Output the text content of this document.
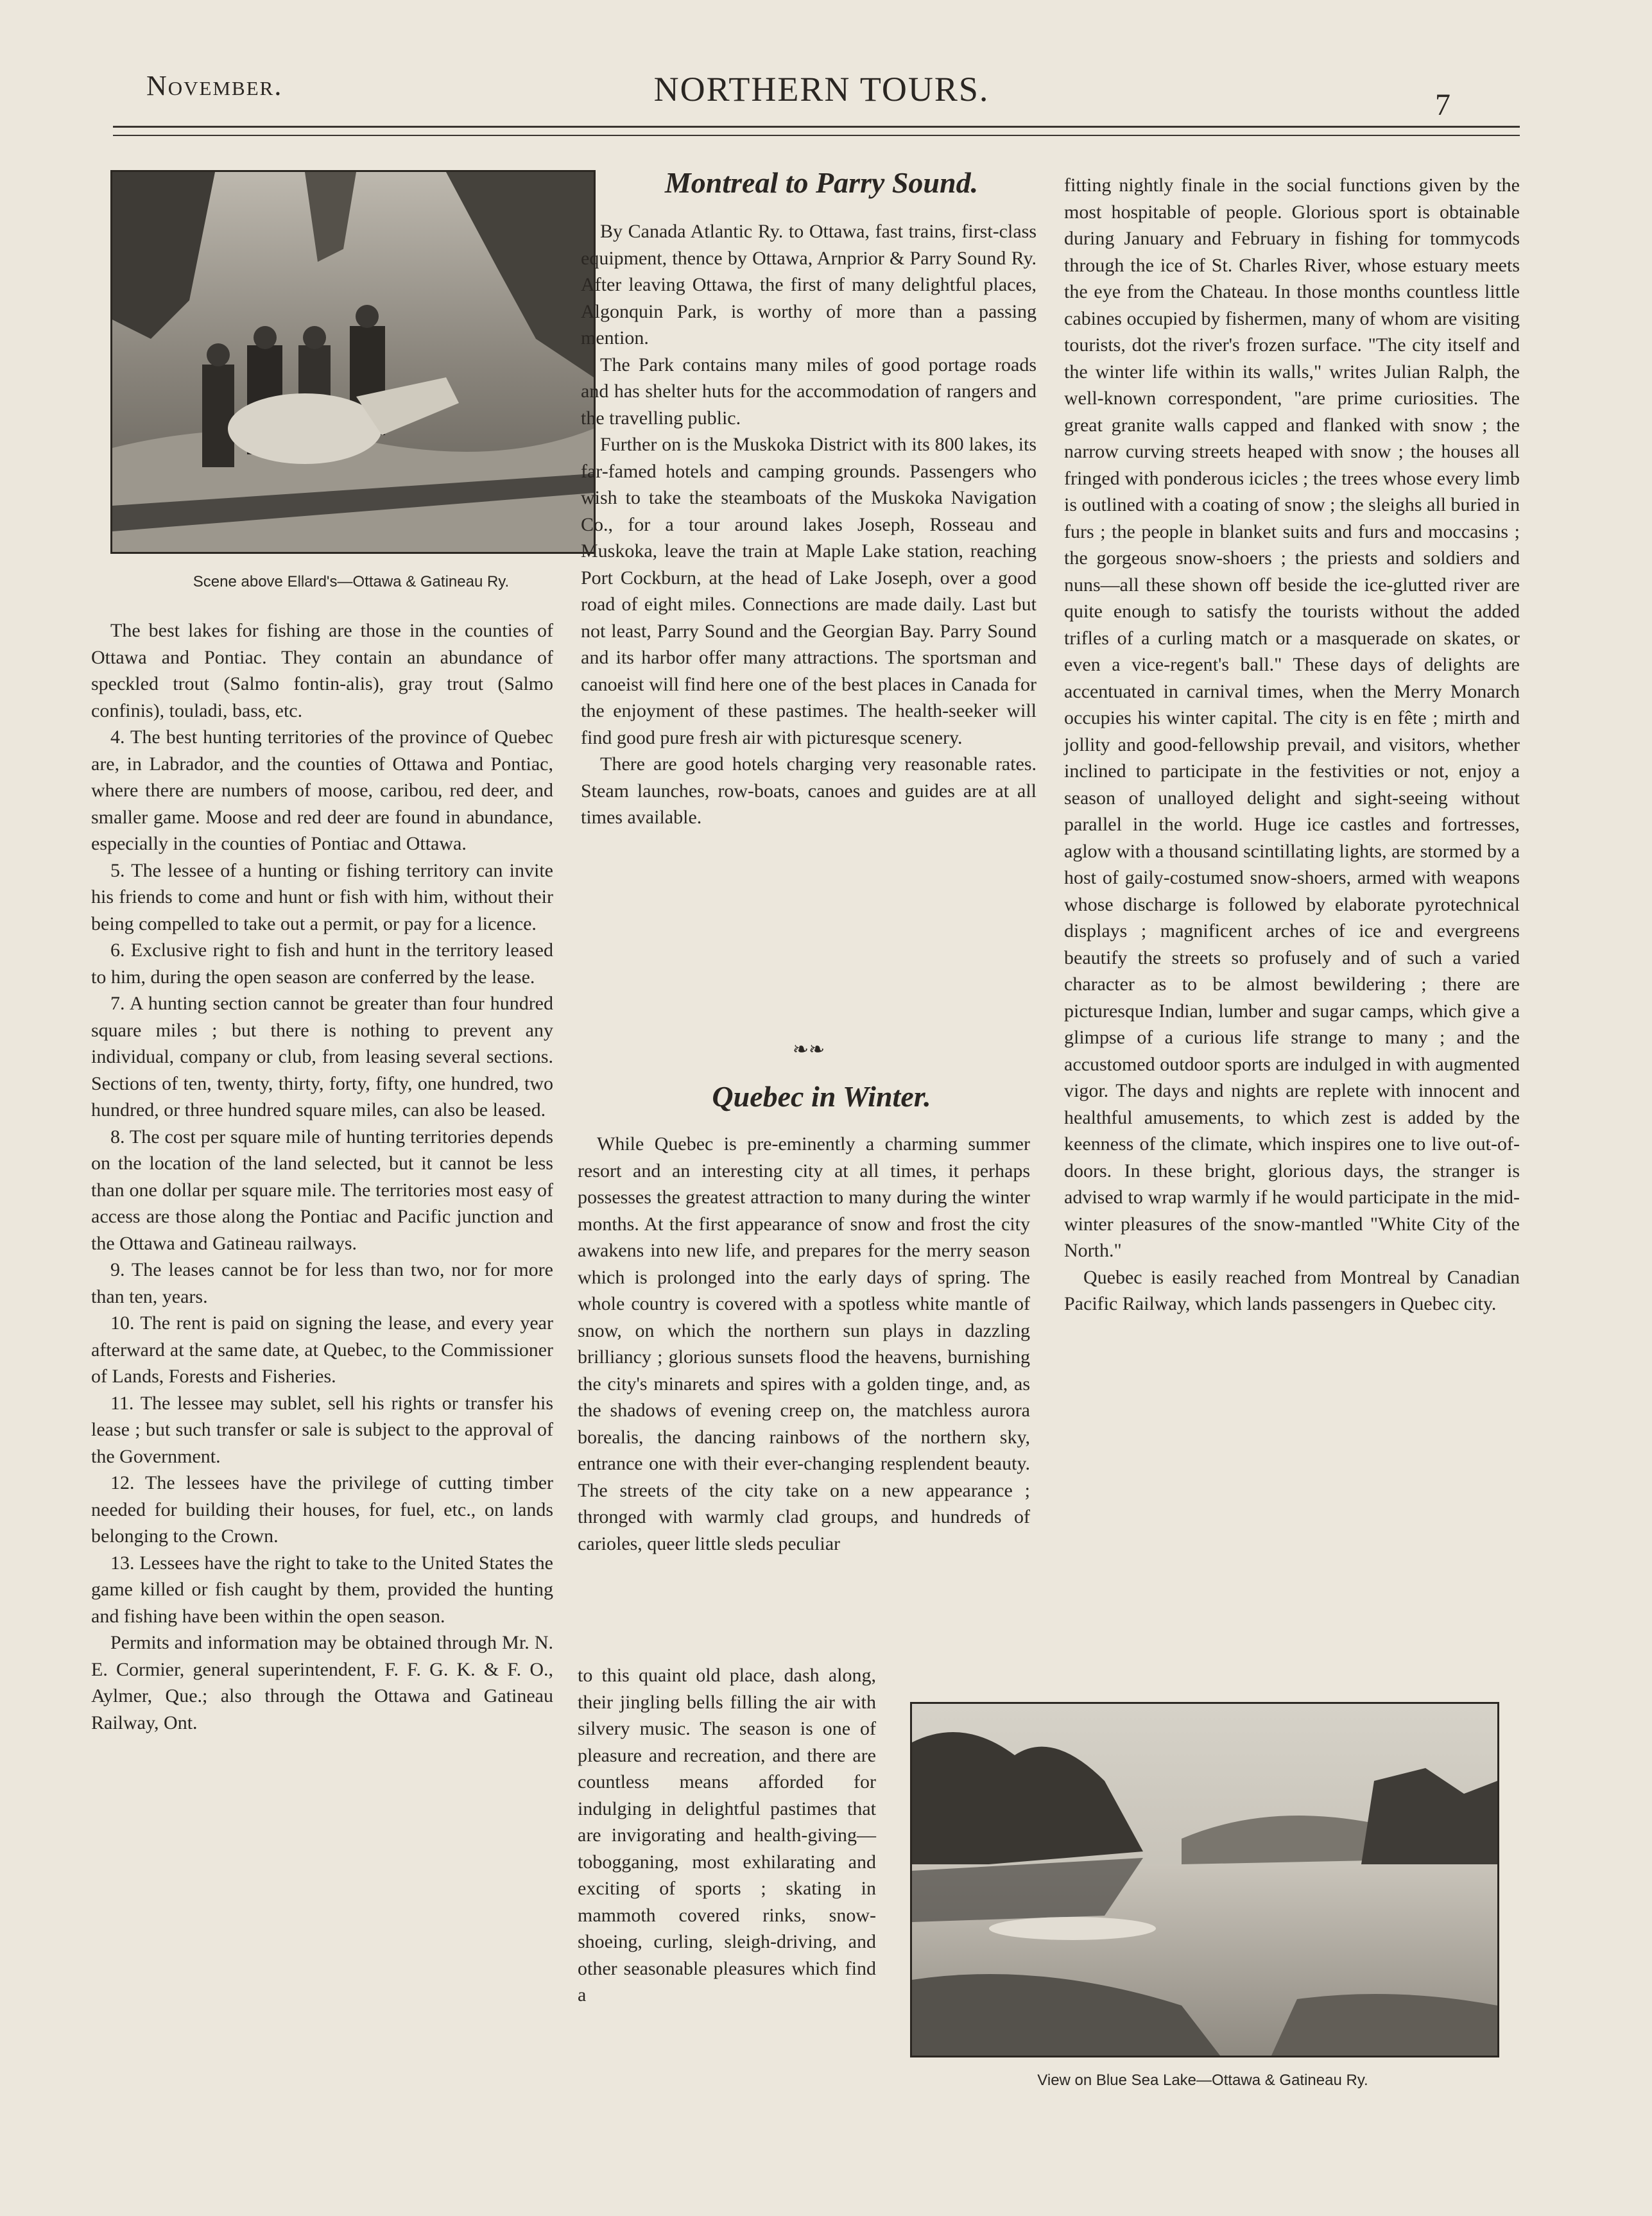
November.	NORTHERN TOURS.	7
Scene above Ellard's—Ottawa & Gatineau Ry.

The best lakes for fishing are those in the counties of Ottawa and Pontiac. They contain an abundance of speckled trout (Salmo fontin-alis), gray trout (Salmo confinis), touladi, bass, etc.

4. The best hunting territories of the province of Quebec are, in Labrador, and the counties of Ottawa and Pontiac, where there are numbers of moose, caribou, red deer, and smaller game. Moose and red deer are found in abundance, especially in the counties of Pontiac and Ottawa.

5. The lessee of a hunting or fishing territory can invite his friends to come and hunt or fish with him, without their being compelled to take out a permit, or pay for a licence.

6. Exclusive right to fish and hunt in the territory leased to him, during the open season are conferred by the lease.

7. A hunting section cannot be greater than four hundred square miles ; but there is nothing to prevent any individual, company or club, from leasing several sections. Sections of ten, twenty, thirty, forty, fifty, one hundred, two hundred, or three hundred square miles, can also be leased.

8. The cost per square mile of hunting territories depends on the location of the land selected, but it cannot be less than one dollar per square mile. The territories most easy of access are those along the Pontiac and Pacific junction and the Ottawa and Gatineau railways.

9. The leases cannot be for less than two, nor for more than ten, years.

10. The rent is paid on signing the lease, and every year afterward at the same date, at Quebec, to the Commissioner of Lands, Forests and Fisheries.

11. The lessee may sublet, sell his rights or transfer his lease ; but such transfer or sale is subject to the approval of the Government.

12. The lessees have the privilege of cutting timber needed for building their houses, for fuel, etc., on lands belonging to the Crown.

13. Lessees have the right to take to the United States the game killed or fish caught by them, provided the hunting and fishing have been within the open season.

Permits and information may be obtained through Mr. N. E. Cormier, general superintendent, F. F. G. K. & F. O., Aylmer, Que.; also through the Ottawa and Gatineau Railway, Ont.

Montreal to Parry Sound.

By Canada Atlantic Ry. to Ottawa, fast trains, first-class equipment, thence by Ottawa, Arnprior & Parry Sound Ry. After leaving Ottawa, the first of many delightful places, Algonquin Park, is worthy of more than a passing mention.

The Park contains many miles of good portage roads and has shelter huts for the accommodation of rangers and the travelling public.

Further on is the Muskoka District with its 800 lakes, its far-famed hotels and camping grounds. Passengers who wish to take the steamboats of the Muskoka Navigation Co., for a tour around lakes Joseph, Rosseau and Muskoka, leave the train at Maple Lake station, reaching Port Cockburn, at the head of Lake Joseph, over a good road of eight miles. Connections are made daily. Last but not least, Parry Sound and the Georgian Bay. Parry Sound and its harbor offer many attractions. The sportsman and canoeist will find here one of the best places in Canada for the enjoyment of these pastimes. The health-seeker will find good pure fresh air with picturesque scenery.

There are good hotels charging very reasonable rates. Steam launches, row-boats, canoes and guides are at all times available.

❧❧
Quebec in Winter.

While Quebec is pre-eminently a charming summer resort and an interesting city at all times, it perhaps possesses the greatest attraction to many during the winter months. At the first appearance of snow and frost the city awakens into new life, and prepares for the merry season which is prolonged into the early days of spring. The whole country is covered with a spotless white mantle of snow, on which the northern sun plays in dazzling brilliancy ; glorious sunsets flood the heavens, burnishing the city's minarets and spires with a golden tinge, and, as the shadows of evening creep on, the matchless aurora borealis, the dancing rainbows of the northern sky, entrance one with their ever-changing resplendent beauty. The streets of the city take on a new appearance ; thronged with warmly clad groups, and hundreds of carioles, queer little sleds peculiar

to this quaint old place, dash along, their jingling bells filling the air with silvery music. The season is one of pleasure and recreation, and there are countless means afforded for indulging in delightful pastimes that are invigorating and health-giving—tobogganing, most exhilarating and exciting of sports ; skating in mammoth covered rinks, snow-shoeing, curling, sleigh-driving, and other seasonable pleasures which find a

fitting nightly finale in the social functions given by the most hospitable of people. Glorious sport is obtainable during January and February in fishing for tommycods through the ice of St. Charles River, whose estuary meets the eye from the Chateau. In those months countless little cabines occupied by fishermen, many of whom are visiting tourists, dot the river's frozen surface. "The city itself and the winter life within its walls," writes Julian Ralph, the well-known correspondent, "are prime curiosities. The great granite walls capped and flanked with snow ; the narrow curving streets heaped with snow ; the houses all fringed with ponderous icicles ; the trees whose every limb is outlined with a coating of snow ; the sleighs all buried in furs ; the people in blanket suits and furs and moccasins ; the gorgeous snow-shoers ; the priests and soldiers and nuns—all these shown off beside the ice-glutted river are quite enough to satisfy the tourists without the added trifles of a curling match or a masquerade on skates, or even a vice-regent's ball." These days of delights are accentuated in carnival times, when the Merry Monarch occupies his winter capital. The city is en fête ; mirth and jollity and good-fellowship prevail, and visitors, whether inclined to participate in the festivities or not, enjoy a season of unalloyed delight and sight-seeing without parallel in the world. Huge ice castles and fortresses, aglow with a thousand scintillating lights, are stormed by a host of gaily-costumed snow-shoers, armed with weapons whose discharge is followed by elaborate pyrotechnical displays ; magnificent arches of ice and evergreens beautify the streets so profusely and of such a varied character as to be almost bewildering ; there are picturesque Indian, lumber and sugar camps, which give a glimpse of a curious life strange to many ; and the accustomed outdoor sports are indulged in with augmented vigor. The days and nights are replete with innocent and healthful amusements, to which zest is added by the keenness of the climate, which inspires one to live out-of-doors. In these bright, glorious days, the stranger is advised to wrap warmly if he would participate in the mid-winter pleasures of the snow-mantled "White City of the North."

Quebec is easily reached from Montreal by Canadian Pacific Railway, which lands passengers in Quebec city.

View on Blue Sea Lake—Ottawa & Gatineau Ry.
